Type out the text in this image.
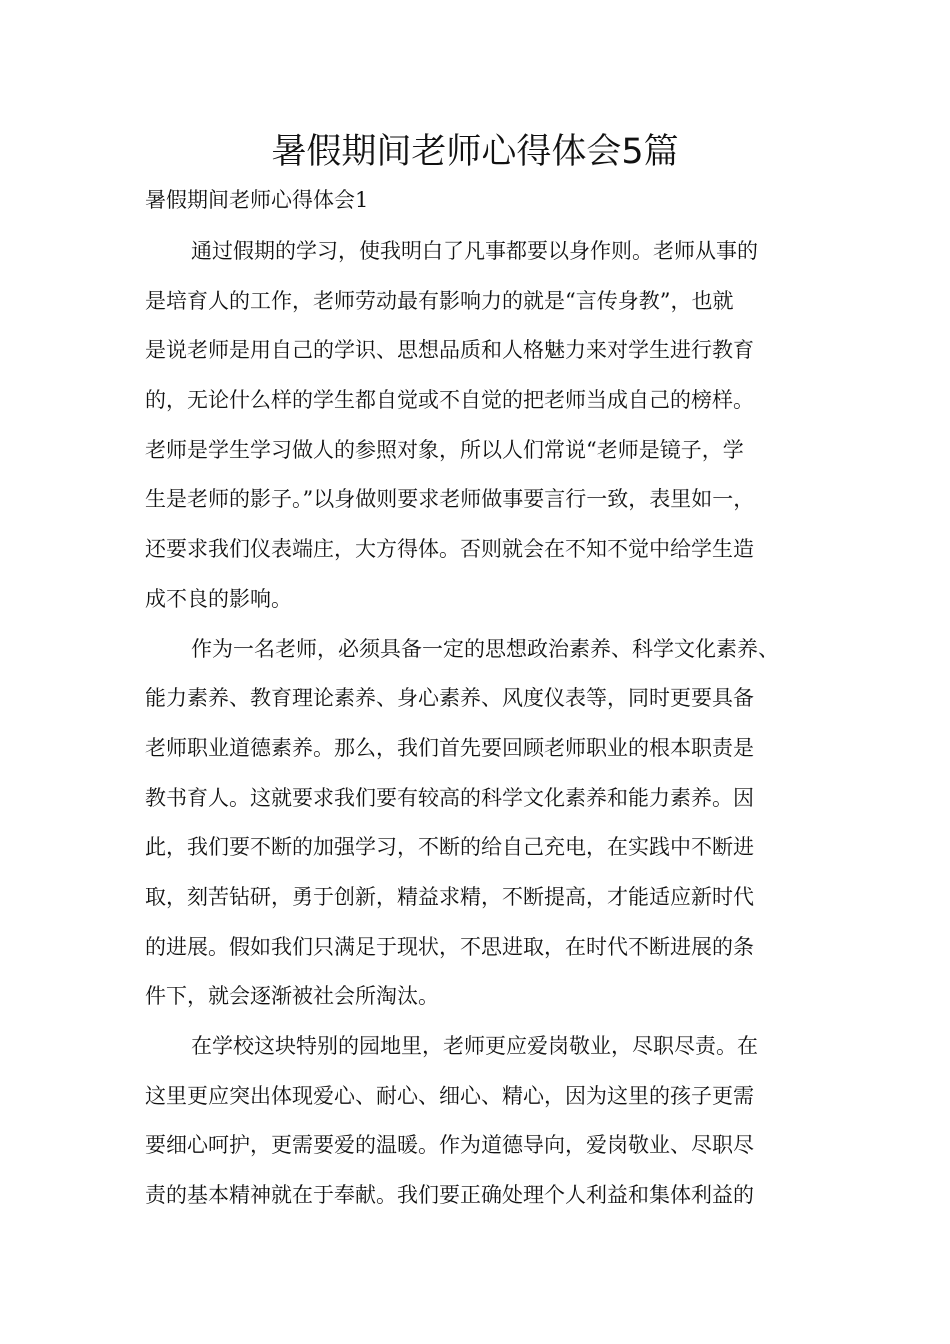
暑假期间老师心得体会5篇
暑假期间老师心得体会1
通过假期的学习，使我明白了凡事都要以身作则。老师从事的
是培育人的工作，老师劳动最有影响力的就是“言传身教”，也就
是说老师是用自己的学识、思想品质和人格魅力来对学生进行教育
的，无论什么样的学生都自觉或不自觉的把老师当成自己的榜样。
老师是学生学习做人的参照对象，所以人们常说“老师是镜子，学
生是老师的影子。”以身做则要求老师做事要言行一致，表里如一，
还要求我们仪表端庄，大方得体。否则就会在不知不觉中给学生造
成不良的影响。
作为一名老师，必须具备一定的思想政治素养、科学文化素养、
能力素养、教育理论素养、身心素养、风度仪表等，同时更要具备
老师职业道德素养。那么，我们首先要回顾老师职业的根本职责是
教书育人。这就要求我们要有较高的科学文化素养和能力素养。因
此，我们要不断的加强学习，不断的给自己充电，在实践中不断进
取，刻苦钻研，勇于创新，精益求精，不断提高，才能适应新时代
的进展。假如我们只满足于现状，不思进取，在时代不断进展的条
件下，就会逐渐被社会所淘汰。
在学校这块特别的园地里，老师更应爱岗敬业，尽职尽责。在
这里更应突出体现爱心、耐心、细心、精心，因为这里的孩子更需
要细心呵护，更需要爱的温暖。作为道德导向，爱岗敬业、尽职尽
责的基本精神就在于奉献。我们要正确处理个人利益和集体利益的
